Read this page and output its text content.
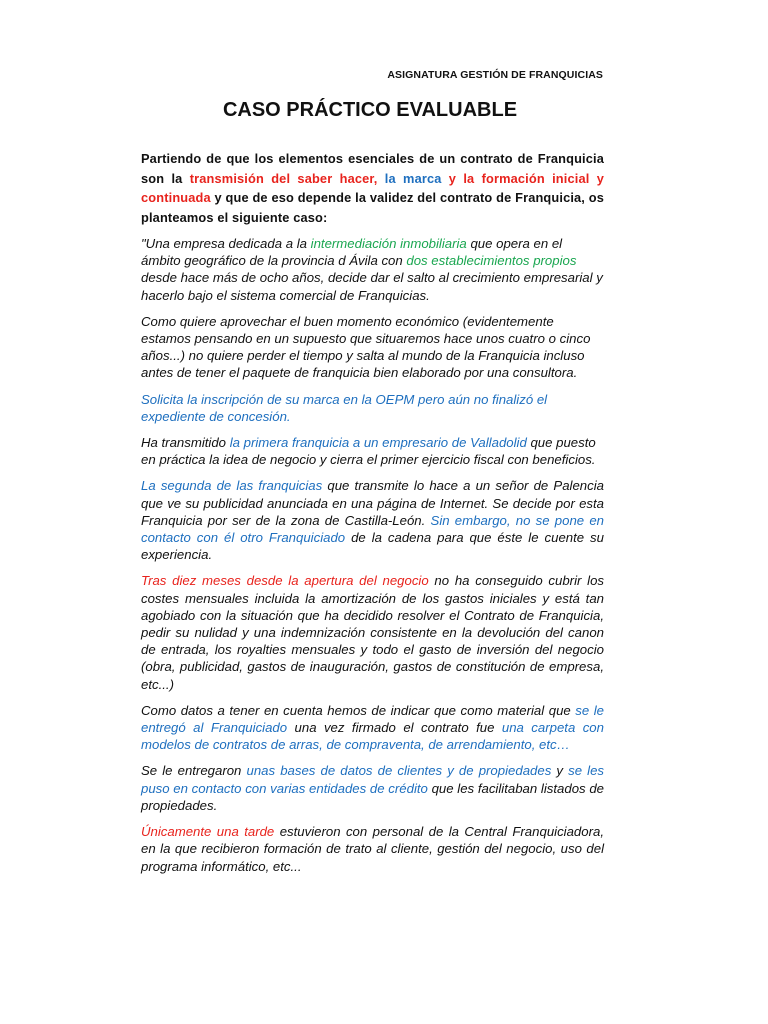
ASIGNATURA GESTIÓN DE FRANQUICIAS
CASO PRÁCTICO EVALUABLE

Partiendo de que los elementos esenciales de un contrato de Franquicia son la transmisión del saber hacer, la marca y la formación inicial y continuada y que de eso depende la validez del contrato de Franquicia, os planteamos el siguiente caso:

"Una empresa dedicada a la intermediación inmobiliaria que opera en el ámbito geográfico de la provincia d Ávila con dos establecimientos propios desde hace más de ocho años, decide dar el salto al crecimiento empresarial y hacerlo bajo el sistema comercial de Franquicias.

Como quiere aprovechar el buen momento económico (evidentemente estamos pensando en un supuesto que situaremos hace unos cuatro o cinco años...) no quiere perder el tiempo y salta al mundo de la Franquicia incluso antes de tener el paquete de franquicia bien elaborado por una consultora.

Solicita la inscripción de su marca en la OEPM pero aún no finalizó el expediente de concesión.

Ha transmitido la primera franquicia a un empresario de Valladolid que puesto en práctica la idea de negocio y cierra el primer ejercicio fiscal con beneficios.

La segunda de las franquicias que transmite lo hace a un señor de Palencia que ve su publicidad anunciada en una página de Internet. Se decide por esta Franquicia por ser de la zona de Castilla-León. Sin embargo, no se pone en contacto con él otro Franquiciado de la cadena para que éste le cuente su experiencia.

Tras diez meses desde la apertura del negocio no ha conseguido cubrir los costes mensuales incluida la amortización de los gastos iniciales y está tan agobiado con la situación que ha decidido resolver el Contrato de Franquicia, pedir su nulidad y una indemnización consistente en la devolución del canon de entrada, los royalties mensuales y todo el gasto de inversión del negocio (obra, publicidad, gastos de inauguración, gastos de constitución de empresa, etc...)

Como datos a tener en cuenta hemos de indicar que como material que se le entregó al Franquiciado una vez firmado el contrato fue una carpeta con modelos de contratos de arras, de compraventa, de arrendamiento, etc…

Se le entregaron unas bases de datos de clientes y de propiedades y se les puso en contacto con varias entidades de crédito que les facilitaban listados de propiedades.

Únicamente una tarde estuvieron con personal de la Central Franquiciadora, en la que recibieron formación de trato al cliente, gestión del negocio, uso del programa informático, etc...
